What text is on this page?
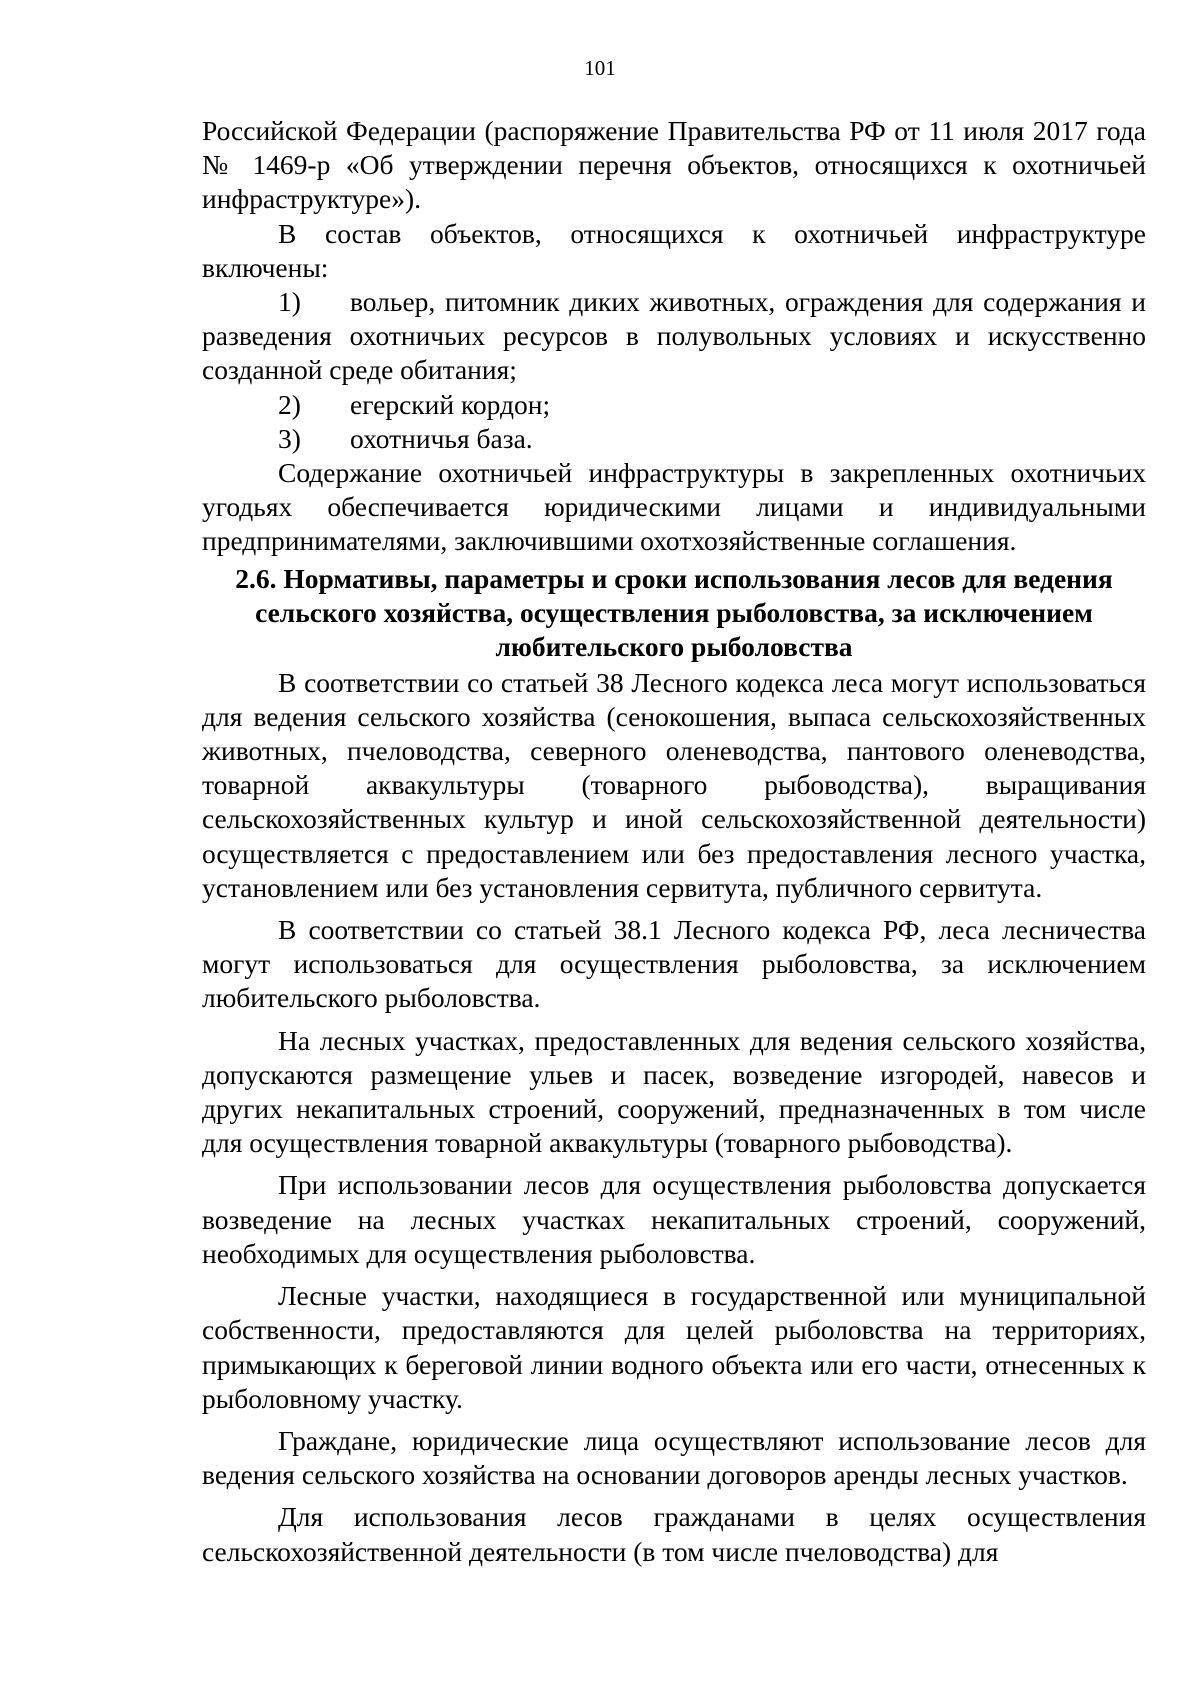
101

Российской Федерации (распоряжение Правительства РФ от 11 июля 2017 года № 1469-р «Об утверждении перечня объектов, относящихся к охотничьей инфраструктуре»).

В состав объектов, относящихся к охотничьей инфраструктуре включены:

1) вольер, питомник диких животных, ограждения для содержания и разведения охотничьих ресурсов в полувольных условиях и искусственно созданной среде обитания;

2) егерский кордон;

3) охотничья база.

Содержание охотничьей инфраструктуры в закрепленных охотничьих угодьях обеспечивается юридическими лицами и индивидуальными предпринимателями, заключившими охотхозяйственные соглашения.

2.6. Нормативы, параметры и сроки использования лесов для ведения сельского хозяйства, осуществления рыболовства, за исключением любительского рыболовства

В соответствии со статьей 38 Лесного кодекса леса могут использоваться для ведения сельского хозяйства (сенокошения, выпаса сельскохозяйственных животных, пчеловодства, северного оленеводства, пантового оленеводства, товарной аквакультуры (товарного рыбоводства), выращивания сельскохозяйственных культур и иной сельскохозяйственной деятельности) осуществляется с предоставлением или без предоставления лесного участка, установлением или без установления сервитута, публичного сервитута.

В соответствии со статьей 38.1 Лесного кодекса РФ, леса лесничества могут использоваться для осуществления рыболовства, за исключением любительского рыболовства.

На лесных участках, предоставленных для ведения сельского хозяйства, допускаются размещение ульев и пасек, возведение изгородей, навесов и других некапитальных строений, сооружений, предназначенных в том числе для осуществления товарной аквакультуры (товарного рыбоводства).

При использовании лесов для осуществления рыболовства допускается возведение на лесных участках некапитальных строений, сооружений, необходимых для осуществления рыболовства.

Лесные участки, находящиеся в государственной или муниципальной собственности, предоставляются для целей рыболовства на территориях, примыкающих к береговой линии водного объекта или его части, отнесенных к рыболовному участку.

Граждане, юридические лица осуществляют использование лесов для ведения сельского хозяйства на основании договоров аренды лесных участков.

Для использования лесов гражданами в целях осуществления сельскохозяйственной деятельности (в том числе пчеловодства) для
